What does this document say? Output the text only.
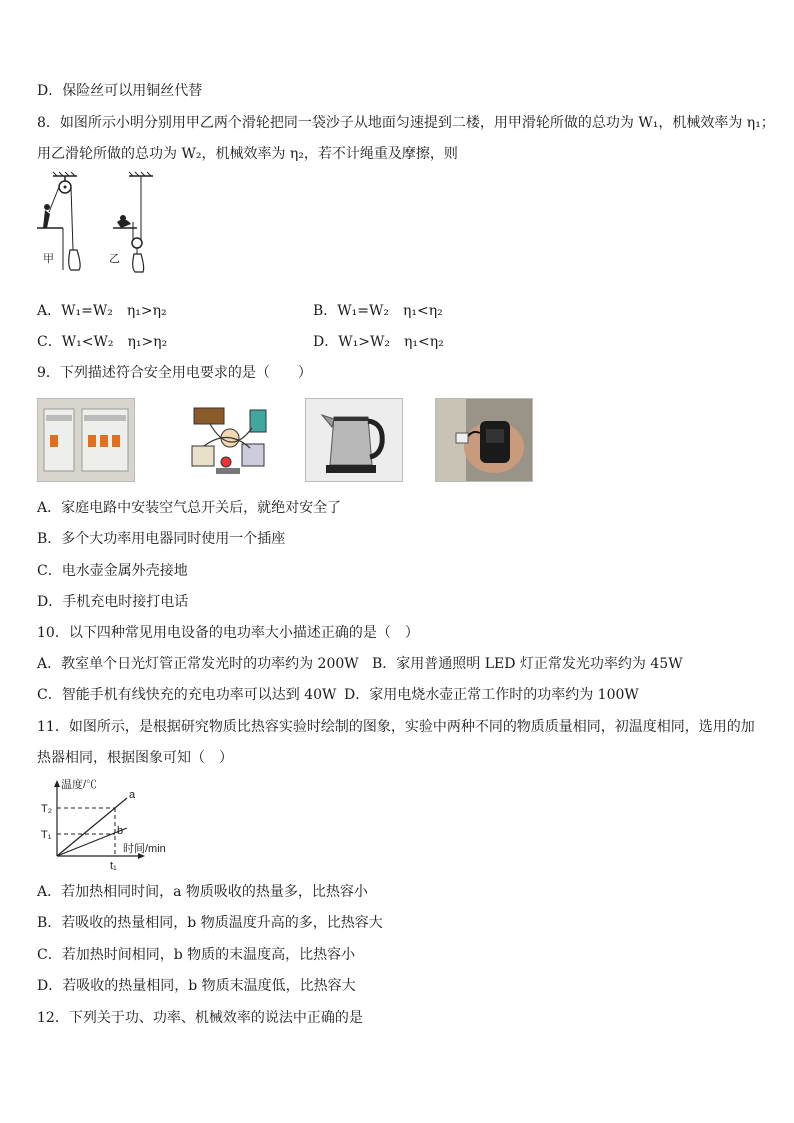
D．保险丝可以用铜丝代替
8．如图所示小明分别用甲乙两个滑轮把同一袋沙子从地面匀速提到二楼，用甲滑轮所做的总功为 W₁，机械效率为 η₁；
用乙滑轮所做的总功为 W₂，机械效率为 η₂，若不计绳重及摩擦，则
甲	乙
A．W₁=W₂　η₁>η₂	B．W₁=W₂　η₁<η₂
C．W₁<W₂　η₁>η₂	D．W₁>W₂　η₁<η₂
9．下列描述符合安全用电要求的是（　　）
A．家庭电路中安装空气总开关后，就绝对安全了
B．多个大功率用电器同时使用一个插座
C．电水壶金属外壳接地
D．手机充电时接打电话
10．以下四种常见用电设备的电功率大小描述正确的是（　）
A．教室单个日光灯管正常发光时的功率约为 200W B．家用普通照明 LED 灯正常发光功率约为 45W
C．智能手机有线快充的充电功率可以达到 40W D．家用电烧水壶正常工作时的功率约为 100W
11．如图所示，是根据研究物质比热容实验时绘制的图象，实验中两种不同的物质质量相同，初温度相同，选用的加
热器相同，根据图象可知（　）
温度/℃
时间/min
T₂
T₁
t₁
a
b
A．若加热相同时间，a 物质吸收的热量多，比热容小
B．若吸收的热量相同，b 物质温度升高的多，比热容大
C．若加热时间相同，b 物质的末温度高，比热容小
D．若吸收的热量相同，b 物质末温度低，比热容大
12．下列关于功、功率、机械效率的说法中正确的是
